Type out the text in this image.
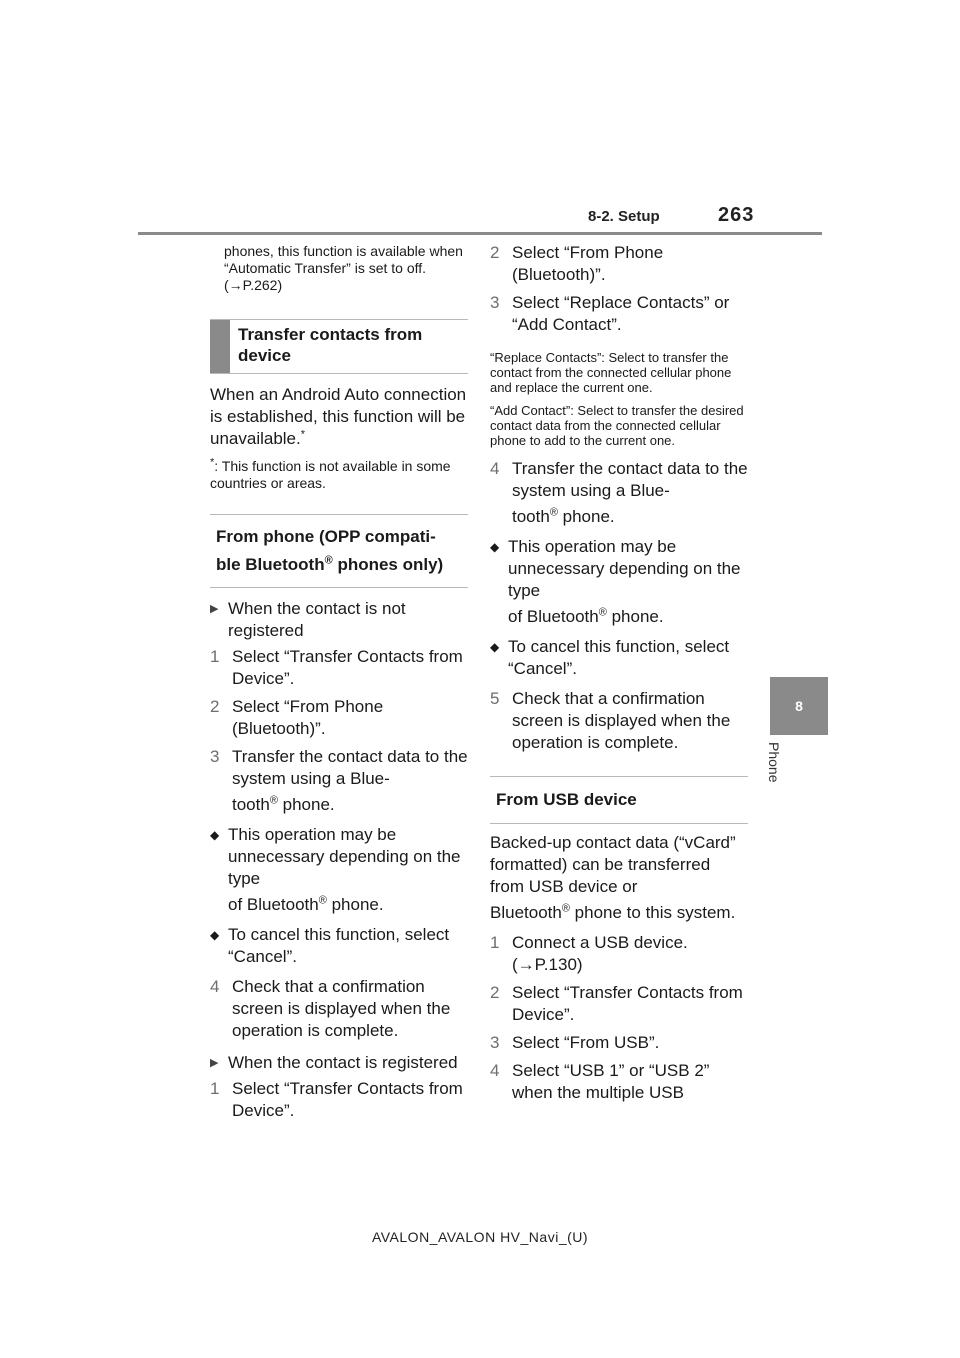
8-2. Setup	263
8
Phone
phones, this function is available when “Automatic Transfer” is set to off. (→P.262)
Transfer contacts from device

When an Android Auto connection is established, this function will be unavailable.*

*: This function is not available in some countries or areas.
From phone (OPP compati-
ble Bluetooth® phones only)
▶ When the contact is not registered
1 Select “Transfer Contacts from Device”.
2 Select “From Phone (Bluetooth)”.
3 Transfer the contact data to the system using a Blue-
tooth® phone.
◆ This operation may be unnecessary depending on the type
of Bluetooth® phone.
◆ To cancel this function, select “Cancel”.
4 Check that a confirmation screen is displayed when the operation is complete.
▶ When the contact is registered
1 Select “Transfer Contacts from Device”.
2 Select “From Phone (Bluetooth)”.
3 Select “Replace Contacts” or “Add Contact”.
“Replace Contacts”: Select to transfer the contact from the connected cellular phone and replace the current one.
“Add Contact”: Select to transfer the desired contact data from the connected cellular phone to add to the current one.
4 Transfer the contact data to the system using a Blue-
tooth® phone.
◆ This operation may be unnecessary depending on the type
of Bluetooth® phone.
◆ To cancel this function, select “Cancel”.
5 Check that a confirmation screen is displayed when the operation is complete.
From USB device

Backed-up contact data (“vCard” formatted) can be transferred from USB device or
Bluetooth® phone to this system.

1 Connect a USB device. (→P.130)
2 Select “Transfer Contacts from Device”.
3 Select “From USB”.
4 Select “USB 1” or “USB 2” when the multiple USB
AVALON_AVALON HV_Navi_(U)
